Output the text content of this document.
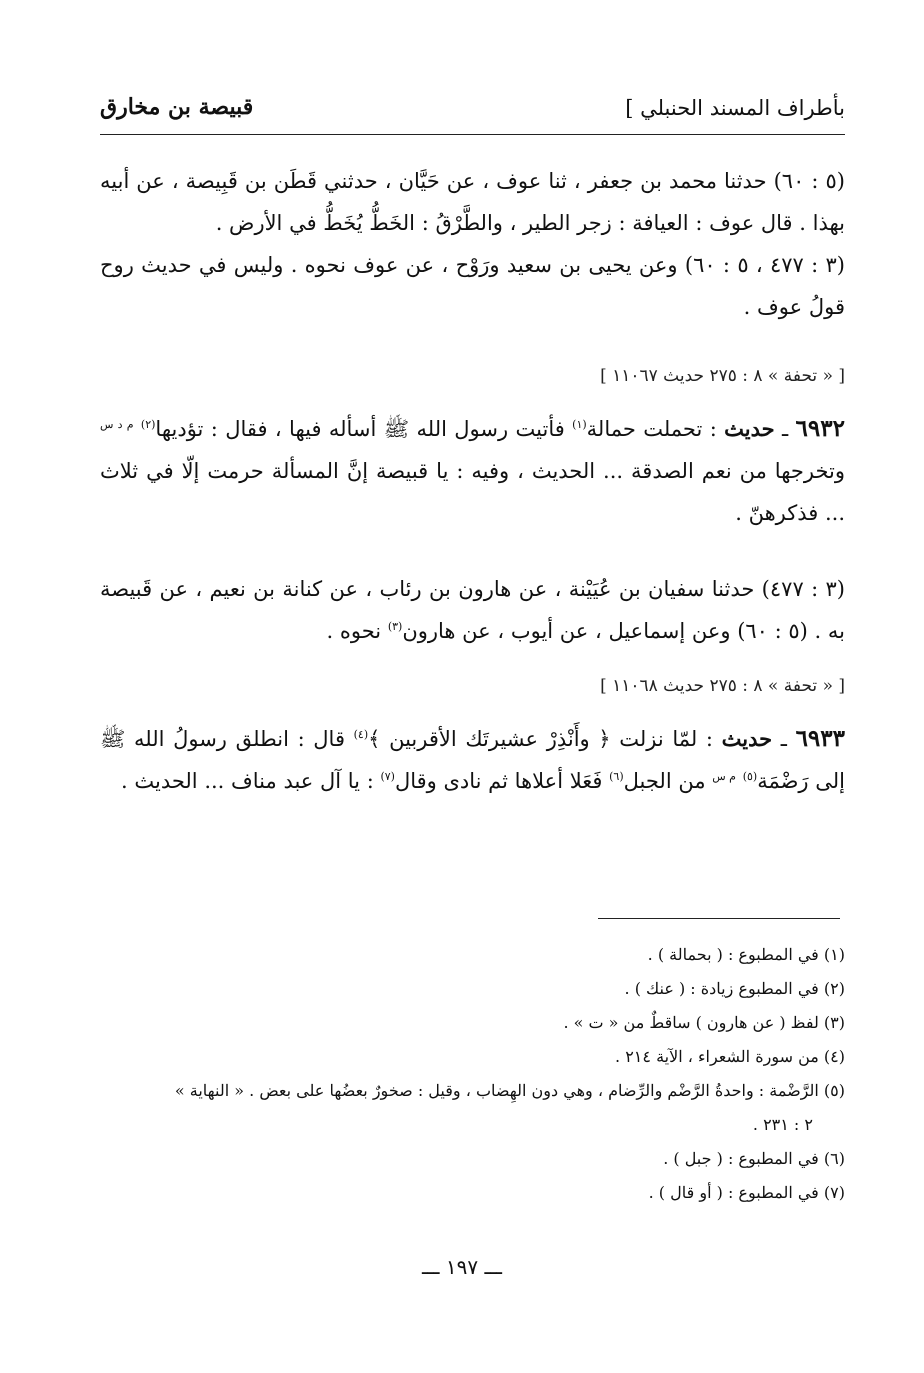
بأطراف المسند الحنبلي ]
قبيصة بن مخارق

(٥ : ٦٠) حدثنا محمد بن جعفر ، ثنا عوف ، عن حَيَّان ، حدثني قَطَن بن قَبِيصة ، عن أبيه بهذا . قال عوف : العيافة : زجر الطير ، والطَّرْقُ : الخَطُّ يُخَطُّ في الأرض .

(٣ : ٤٧٧ ، ٥ : ٦٠) وعن يحيى بن سعيد ورَوْح ، عن عوف نحوه . وليس في حديث روح قولُ عوف .

[ « تحفة » ٨ : ٢٧٥ حديث ١١٠٦٧ ]

٦٩٣٢ ـ حديث : تحملت حمالة$^{(١)}$ فأتيت رسول الله ﷺ أسأله فيها ، فقال : تؤديها$^{(٢)}$ $^{م د س}$ وتخرجها من نعم الصدقة ... الحديث ، وفيه : يا قبيصة إنَّ المسألة حرمت إلّا في ثلاث ... فذكرهنّ .

(٣ : ٤٧٧) حدثنا سفيان بن عُيَيْنة ، عن هارون بن رئاب ، عن كنانة بن نعيم ، عن قَبيصة به . (٥ : ٦٠) وعن إسماعيل ، عن أيوب ، عن هارون$^{(٣)}$ نحوه .

[ « تحفة » ٨ : ٢٧٥ حديث ١١٠٦٨ ]

٦٩٣٣ ـ حديث : لمّا نزلت ﴿ وأَنْذِرْ عشيرتَك الأقربين ﴾$^{(٤)}$ قال : انطلق رسولُ الله ﷺ إلى رَضْمَة$^{(٥)}$ $^{م س}$ من الجبل$^{(٦)}$ فَعَلا أعلاها ثم نادى وقال$^{(٧)}$ : يا آل عبد مناف ... الحديث .

(١) في المطبوع : ( بحمالة ) .

(٢) في المطبوع زيادة : ( عنك ) .

(٣) لفظ ( عن هارون ) ساقطٌ من « ت » .

(٤) من سورة الشعراء ، الآية ٢١٤ .

(٥) الرَّضْمة : واحدةُ الرَّضْم والرِّضام ، وهي دون الهِضاب ، وقيل : صخورٌ بعضُها على بعض . « النهاية »

٢ : ٢٣١ .

(٦) في المطبوع : ( جبل ) .

(٧) في المطبوع : ( أو قال ) .

ـــ ١٩٧ ـــ
